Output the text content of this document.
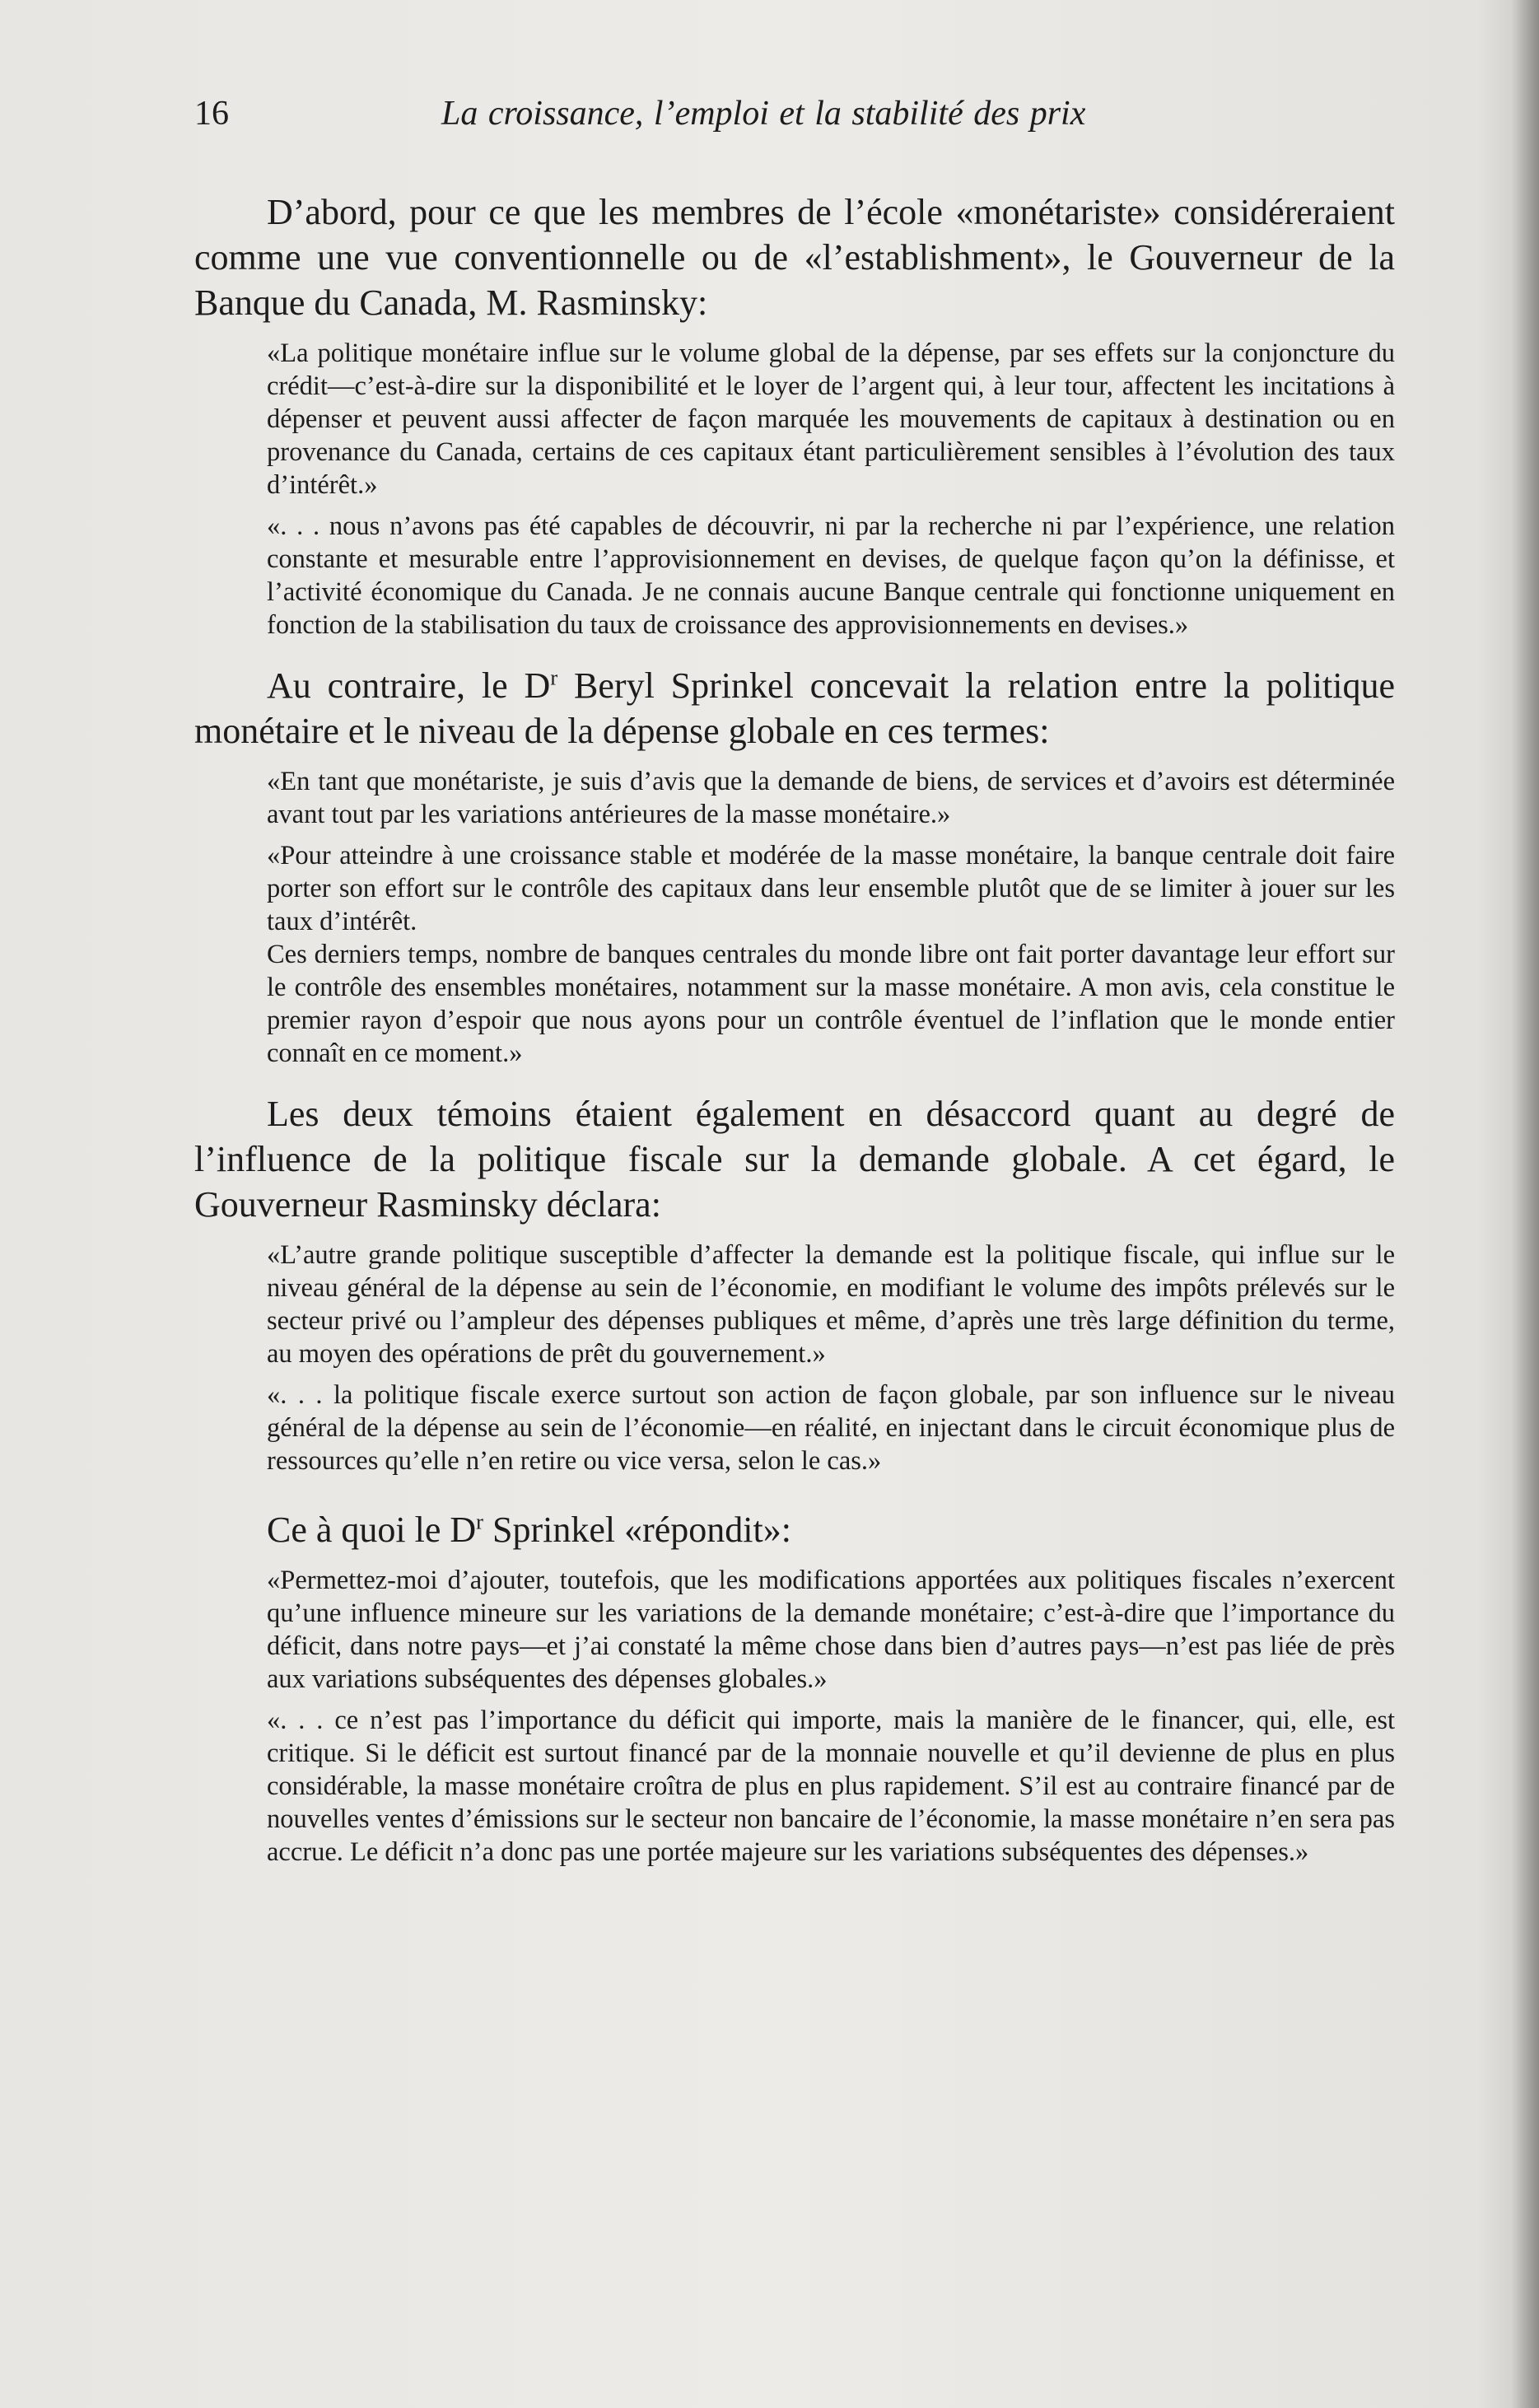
16	La croissance, l’emploi et la stabilité des prix

D’abord, pour ce que les membres de l’école «monétariste» considéreraient comme une vue conventionnelle ou de «l’establishment», le Gouverneur de la Banque du Canada, M. Rasminsky:

«La politique monétaire influe sur le volume global de la dépense, par ses effets sur la conjoncture du crédit—c’est-à-dire sur la disponibilité et le loyer de l’argent qui, à leur tour, affectent les incitations à dépenser et peuvent aussi affecter de façon marquée les mouvements de capitaux à destination ou en provenance du Canada, certains de ces capitaux étant particulièrement sensibles à l’évolution des taux d’intérêt.»

«. . . nous n’avons pas été capables de découvrir, ni par la recherche ni par l’expérience, une relation constante et mesurable entre l’approvisionnement en devises, de quelque façon qu’on la définisse, et l’activité économique du Canada. Je ne connais aucune Banque centrale qui fonctionne uniquement en fonction de la stabilisation du taux de croissance des approvisionnements en devises.»

Au contraire, le $D^r$ Beryl Sprinkel concevait la relation entre la politique monétaire et le niveau de la dépense globale en ces termes:

«En tant que monétariste, je suis d’avis que la demande de biens, de services et d’avoirs est déterminée avant tout par les variations antérieures de la masse monétaire.»

«Pour atteindre à une croissance stable et modérée de la masse monétaire, la banque centrale doit faire porter son effort sur le contrôle des capitaux dans leur ensemble plutôt que de se limiter à jouer sur les taux d’intérêt.

Ces derniers temps, nombre de banques centrales du monde libre ont fait porter davantage leur effort sur le contrôle des ensembles monétaires, notamment sur la masse monétaire. A mon avis, cela constitue le premier rayon d’espoir que nous ayons pour un contrôle éventuel de l’inflation que le monde entier connaît en ce moment.»

Les deux témoins étaient également en désaccord quant au degré de l’influence de la politique fiscale sur la demande globale. A cet égard, le Gouverneur Rasminsky déclara:

«L’autre grande politique susceptible d’affecter la demande est la politique fiscale, qui influe sur le niveau général de la dépense au sein de l’économie, en modifiant le volume des impôts prélevés sur le secteur privé ou l’ampleur des dépenses publiques et même, d’après une très large définition du terme, au moyen des opérations de prêt du gouvernement.»

«. . . la politique fiscale exerce surtout son action de façon globale, par son influence sur le niveau général de la dépense au sein de l’économie—en réalité, en injectant dans le circuit économique plus de ressources qu’elle n’en retire ou vice versa, selon le cas.»

Ce à quoi le $D^r$ Sprinkel «répondit»:

«Permettez-moi d’ajouter, toutefois, que les modifications apportées aux politiques fiscales n’exercent qu’une influence mineure sur les variations de la demande monétaire; c’est-à-dire que l’importance du déficit, dans notre pays—et j’ai constaté la même chose dans bien d’autres pays—n’est pas liée de près aux variations subséquentes des dépenses globales.»

«. . . ce n’est pas l’importance du déficit qui importe, mais la manière de le financer, qui, elle, est critique. Si le déficit est surtout financé par de la monnaie nouvelle et qu’il devienne de plus en plus considérable, la masse monétaire croîtra de plus en plus rapidement. S’il est au contraire financé par de nouvelles ventes d’émissions sur le secteur non bancaire de l’économie, la masse monétaire n’en sera pas accrue. Le déficit n’a donc pas une portée majeure sur les variations subséquentes des dépenses.»
